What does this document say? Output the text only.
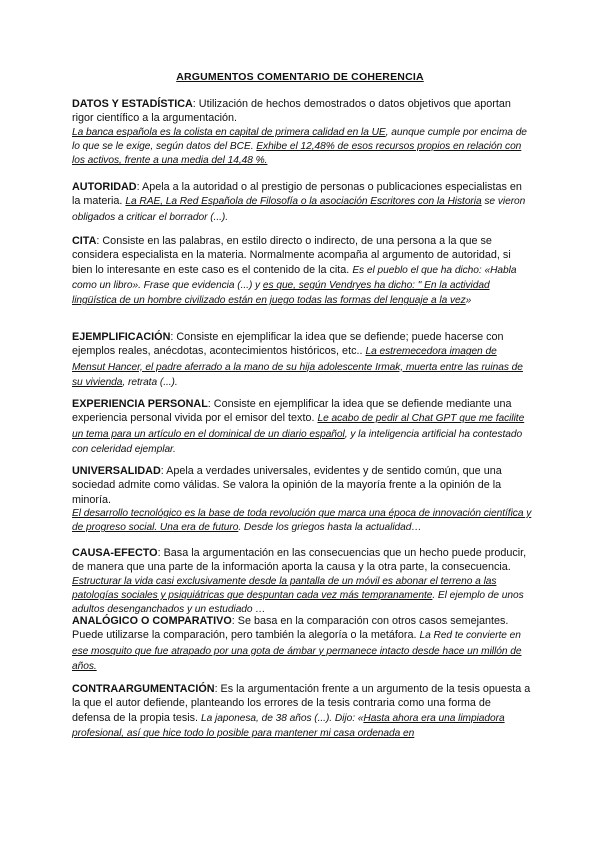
ARGUMENTOS COMENTARIO DE COHERENCIA
DATOS Y ESTADÍSTICA: Utilización de hechos demostrados o datos objetivos que aportan rigor científico a la argumentación.
La banca española es la colista en capital de primera calidad en la UE, aunque cumple por encima de lo que se le exige, según datos del BCE. Exhibe el 12,48% de esos recursos propios en relación con los activos, frente a una media del 14,48 %.
AUTORIDAD: Apela a la autoridad o al prestigio de personas o publicaciones especialistas en la materia. La RAE, La Red Española de Filosofía o la asociación Escritores con la Historia se vieron obligados a criticar el borrador (...).
CITA: Consiste en las palabras, en estilo directo o indirecto, de una persona a la que se considera especialista en la materia. Normalmente acompaña al argumento de autoridad, si bien lo interesante en este caso es el contenido de la cita. Es el pueblo el que ha dicho: «Habla como un libro». Frase que evidencia (...) y es que, según Vendryes ha dicho: " En la actividad lingüística de un hombre civilizado están en juego todas las formas del lenguaje a la vez»
EJEMPLIFICACIÓN: Consiste en ejemplificar la idea que se defiende; puede hacerse con ejemplos reales, anécdotas, acontecimientos históricos, etc.. La estremecedora imagen de Mensut Hancer, el padre aferrado a la mano de su hija adolescente Irmak, muerta entre las ruinas de su vivienda, retrata (...).
EXPERIENCIA PERSONAL: Consiste en ejemplificar la idea que se defiende mediante una experiencia personal vivida por el emisor del texto. Le acabo de pedir al Chat GPT que me facilite un tema para un artículo en el dominical de un diario español, y la inteligencia artificial ha contestado con celeridad ejemplar.
UNIVERSALIDAD: Apela a verdades universales, evidentes y de sentido común, que una sociedad admite como válidas. Se valora la opinión de la mayoría frente a la opinión de la minoría.
El desarrollo tecnológico es la base de toda revolución que marca una época de innovación científica y de progreso social. Una era de futuro. Desde los griegos hasta la actualidad…
CAUSA-EFECTO: Basa la argumentación en las consecuencias que un hecho puede producir, de manera que una parte de la información aporta la causa y la otra parte, la consecuencia.
Estructurar la vida casi exclusivamente desde la pantalla de un móvil es abonar el terreno a las patologías sociales y psiquiátricas que despuntan cada vez más tempranamente. El ejemplo de unos adultos desenganchados y un estudiado …
ANALÓGICO O COMPARATIVO: Se basa en la comparación con otros casos semejantes. Puede utilizarse la comparación, pero también la alegoría o la metáfora. La Red te convierte en ese mosquito que fue atrapado por una gota de ámbar y permanece intacto desde hace un millón de años.
CONTRAARGUMENTACIÓN: Es la argumentación frente a un argumento de la tesis opuesta a la que el autor defiende, planteando los errores de la tesis contraria como una forma de defensa de la propia tesis. La japonesa, de 38 años (...). Dijo: «Hasta ahora era una limpiadora profesional, así que hice todo lo posible para mantener mi casa ordenada en
